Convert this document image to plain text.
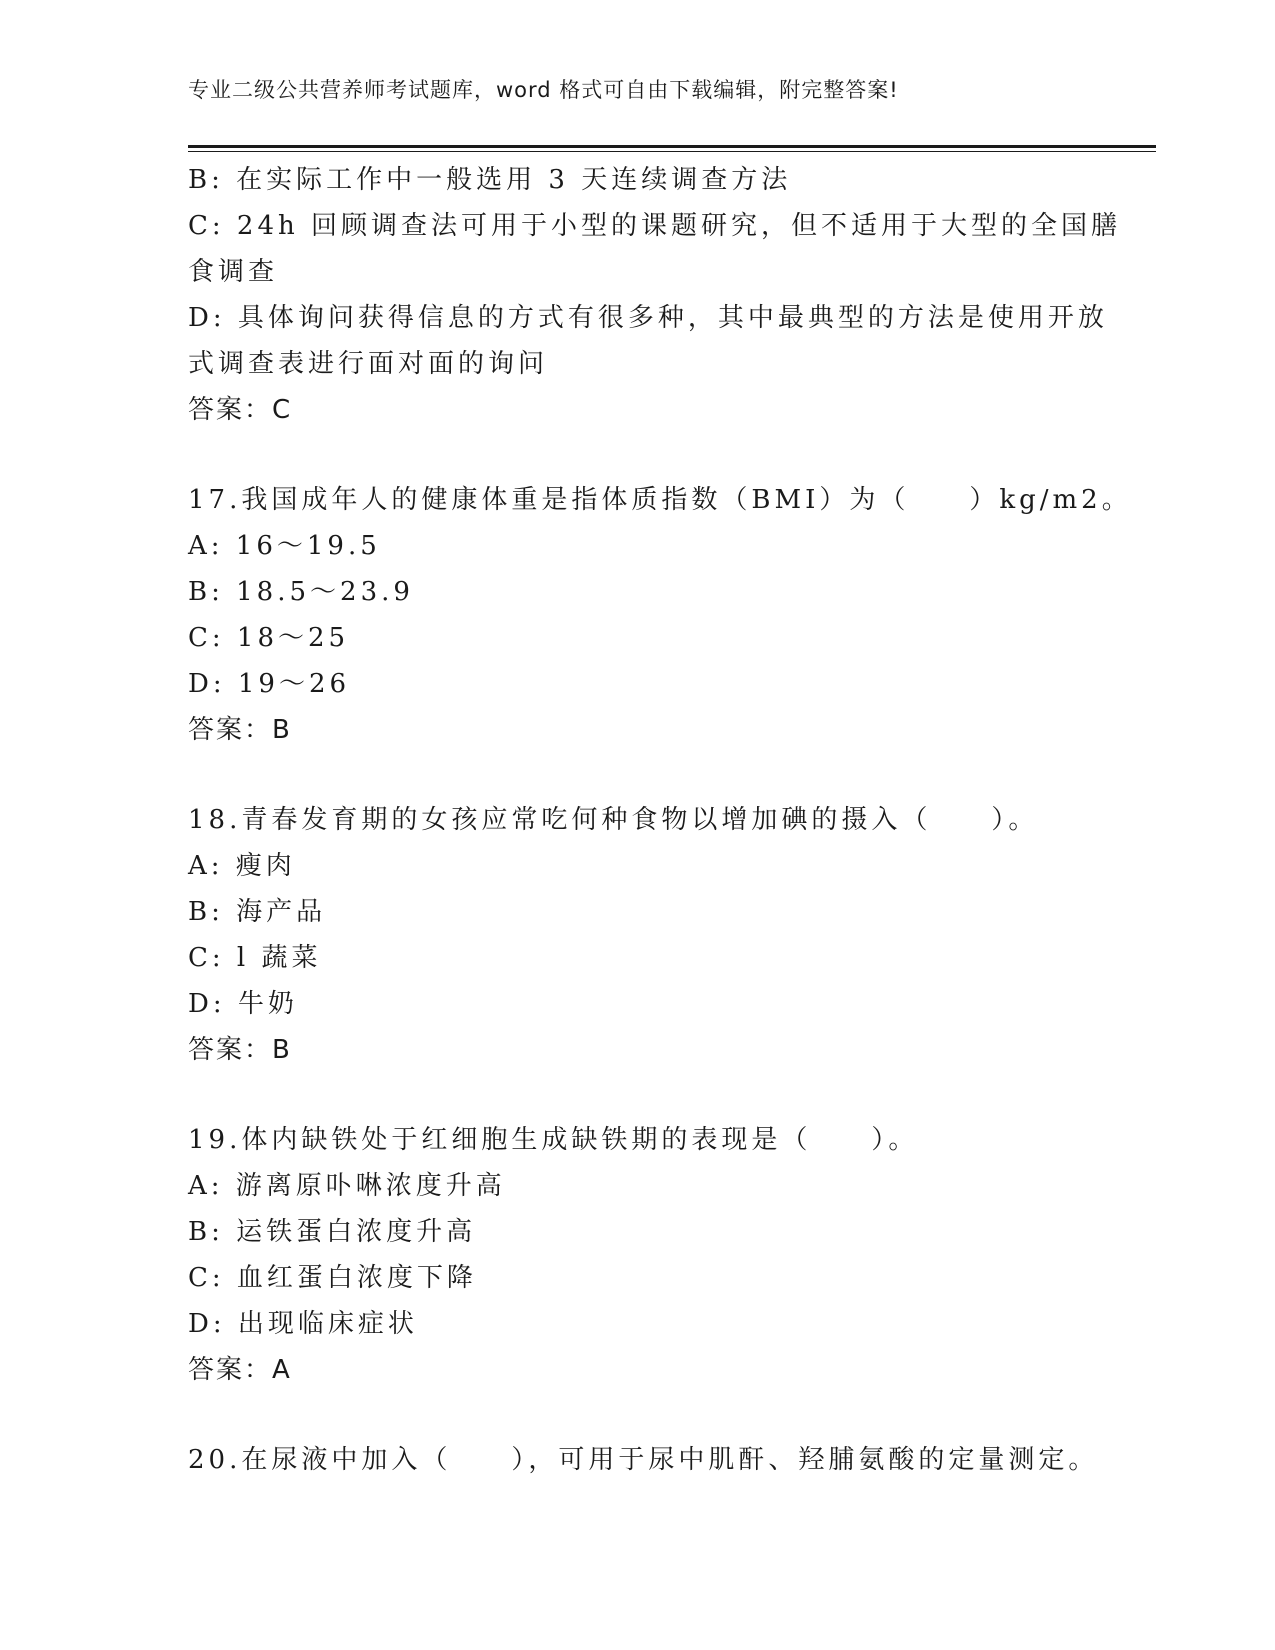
专业二级公共营养师考试题库，word 格式可自由下载编辑，附完整答案!
B: 在实际工作中一般选用 3 天连续调查方法
C: 24h 回顾调查法可用于小型的课题研究，但不适用于大型的全国膳
食调查
D: 具体询问获得信息的方式有很多种，其中最典型的方法是使用开放
式调查表进行面对面的询问
答案：C
17.我国成年人的健康体重是指体质指数（BMI）为（　　）kg/m2。
A: 16～19.5
B: 18.5～23.9
C: 18～25
D: 19～26
答案：B
18.青春发育期的女孩应常吃何种食物以增加碘的摄入（　　）。
A: 瘦肉
B: 海产品
C: l 蔬菜
D: 牛奶
答案：B
19.体内缺铁处于红细胞生成缺铁期的表现是（　　）。
A: 游离原卟啉浓度升高
B: 运铁蛋白浓度升高
C: 血红蛋白浓度下降
D: 出现临床症状
答案：A
20.在尿液中加入（　　），可用于尿中肌酐、羟脯氨酸的定量测定。
